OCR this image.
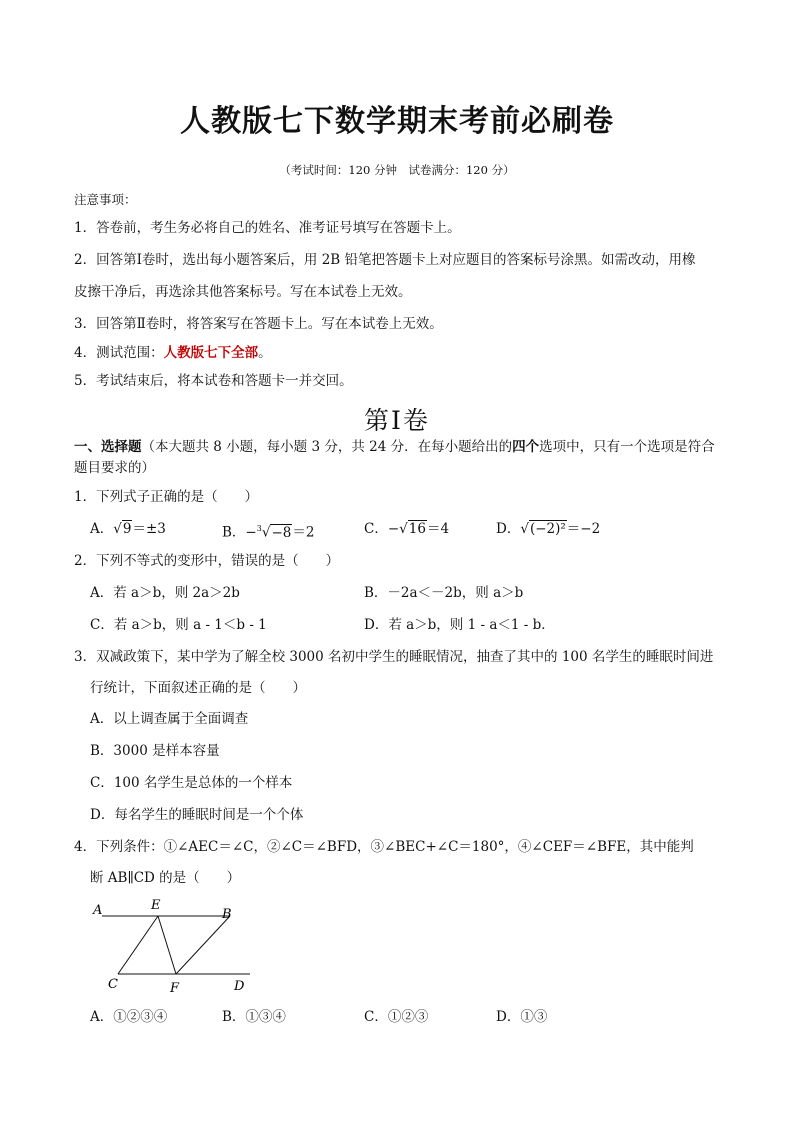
人教版七下数学期末考前必刷卷
（考试时间：120 分钟　试卷满分：120 分）
注意事项：
1．答卷前，考生务必将自己的姓名、准考证号填写在答题卡上。
2．回答第Ⅰ卷时，选出每小题答案后，用 2B 铅笔把答题卡上对应题目的答案标号涂黑。如需改动，用橡
皮擦干净后，再选涂其他答案标号。写在本试卷上无效。
3．回答第Ⅱ卷时，将答案写在答题卡上。写在本试卷上无效。
4．测试范围：人教版七下全部。
5．考试结束后，将本试卷和答题卡一并交回。
第Ⅰ卷
一、选择题（本大题共 8 小题，每小题 3 分，共 24 分．在每小题给出的四个选项中，只有一个选项是符合
题目要求的）
1．下列式子正确的是（　　）
A．√9＝±3	B．−$^3$√−8＝2	C．−√16＝4	D．√(−2)²＝−2
2．下列不等式的变形中，错误的是（　　）
A．若 a＞b，则 2a＞2b	B．－2a＜－2b，则 a＞b
C．若 a＞b，则 a - 1＜b - 1	D．若 a＞b，则 1 - a＜1 - b．
3．双减政策下，某中学为了解全校 3000 名初中学生的睡眠情况，抽查了其中的 100 名学生的睡眠时间进
行统计，下面叙述正确的是（　　）
A．以上调查属于全面调查
B．3000 是样本容量
C．100 名学生是总体的一个样本
D．每名学生的睡眠时间是一个个体
4．下列条件：①∠AEC＝∠C，②∠C＝∠BFD，③∠BEC+∠C＝180°，④∠CEF＝∠BFE，其中能判
断 AB∥CD 的是（　　）
A	E
B
C	F	D
A．①②③④	B．①③④	C．①②③	D．①③
